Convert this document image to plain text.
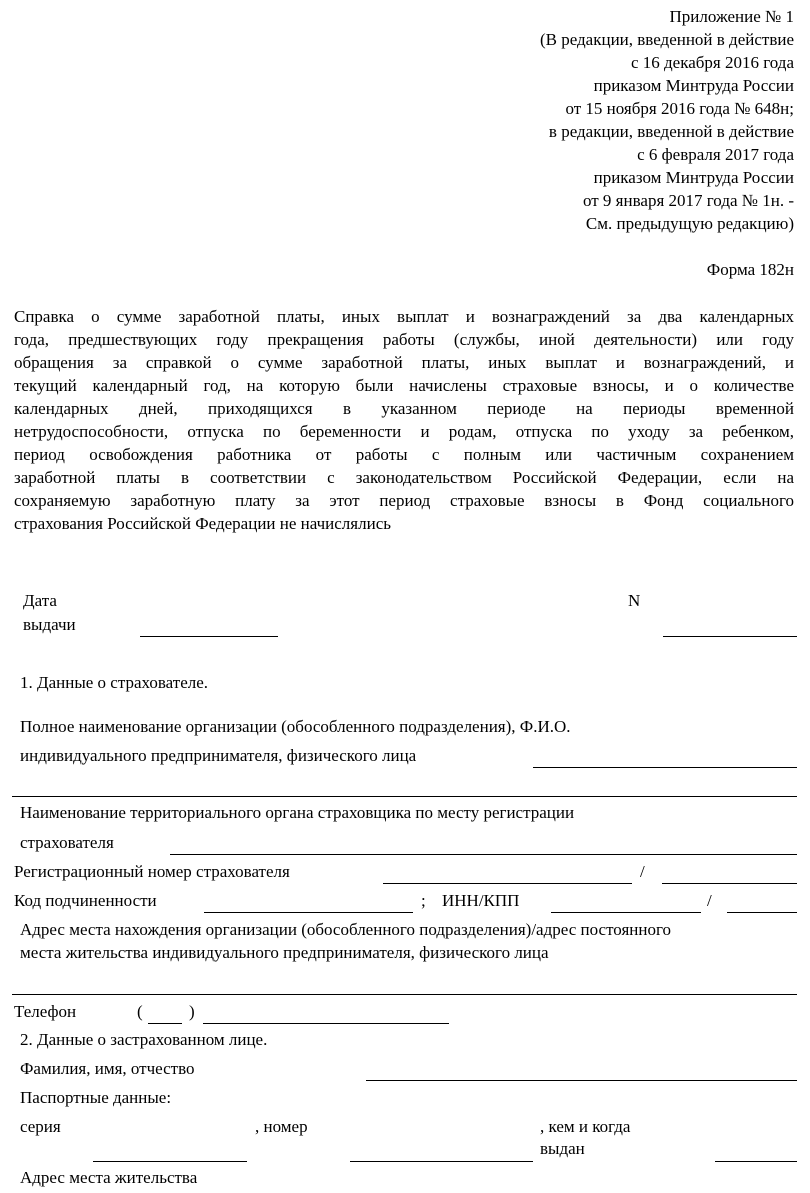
Приложение № 1
(В редакции, введенной в действие
с 16 декабря 2016 года
приказом Минтруда России
от 15 ноября 2016 года № 648н;
в редакции, введенной в действие
с 6 февраля 2017 года
приказом Минтруда России
от 9 января 2017 года № 1н. -
См. предыдущую редакцию)
Форма 182н
Справка о сумме заработной платы, иных выплат и вознаграждений за два календарных
года, предшествующих году прекращения работы (службы, иной деятельности) или году
обращения за справкой о сумме заработной платы, иных выплат и вознаграждений, и
текущий календарный год, на которую были начислены страховые взносы, и о количестве
календарных дней, приходящихся в указанном периоде на периоды временной
нетрудоспособности, отпуска по беременности и родам, отпуска по уходу за ребенком,
период освобождения работника от работы с полным или частичным сохранением
заработной платы в соответствии с законодательством Российской Федерации, если на
сохраняемую заработную плату за этот период страховые взносы в Фонд социального
страхования Российской Федерации не начислялись
Дата
выдачи
N
1. Данные о страхователе.
Полное наименование организации (обособленного подразделения), Ф.И.О.
индивидуального предпринимателя, физического лица
Наименование территориального органа страховщика по месту регистрации
страхователя
Регистрационный номер страхователя	/
Код подчиненности	; ИНН/КПП	/
Адрес места нахождения организации (обособленного подразделения)/адрес постоянного
места жительства индивидуального предпринимателя, физического лица
Телефон	(	)
2. Данные о застрахованном лице.
Фамилия, имя, отчество
Паспортные данные:
серия	, номер	, кем и когда
выдан
Адрес места жительства
